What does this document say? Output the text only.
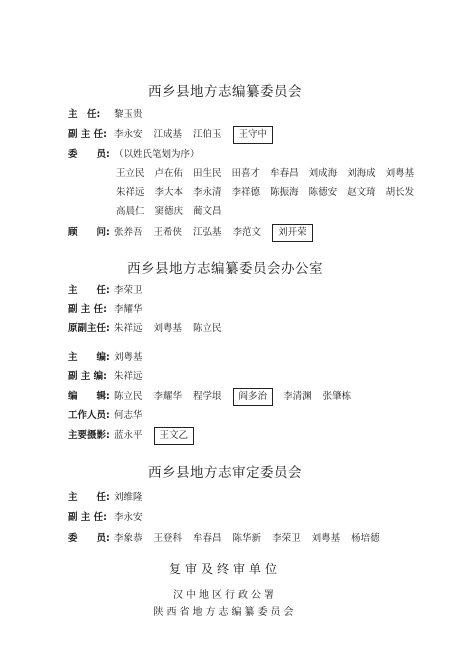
西乡县地方志编纂委员会
主　任: 黎玉贵
副 主 任: 李永安 江成基 江伯玉 王守中
委　　员: （以姓氏笔划为序）
王立民 卢在佑 田生民 田喜才 牟春昌 刘成海 刘海成 刘粤基
朱祥远 李大本 李永清 李祥德 陈振海 陈德安 赵文琦 胡长发
高晨仁 窦德庆 蔺文昌
顾　　问: 张养吾 王希侠 江弘基 李范文 刘开荣
西乡县地方志编纂委员会办公室
主　　任: 李荣卫
副 主 任: 李耀华
原副主任: 朱祥远 刘粤基 陈立民
主　　编: 刘粤基
副 主 编: 朱祥远
编　　辑: 陈立民 李耀华 程学垠 阎多治 李清渊 张肇栋
工作人员: 何志华
主要摄影: 蓝永平 王文乙
西乡县地方志审定委员会
主　　任: 刘维隆
副 主 任: 李永安
委　　员: 李象恭 王登科 牟春昌 陈华新 李荣卫 刘粤基 杨培德
复审及终审单位
汉中地区行政公署
陕西省地方志编纂委员会
